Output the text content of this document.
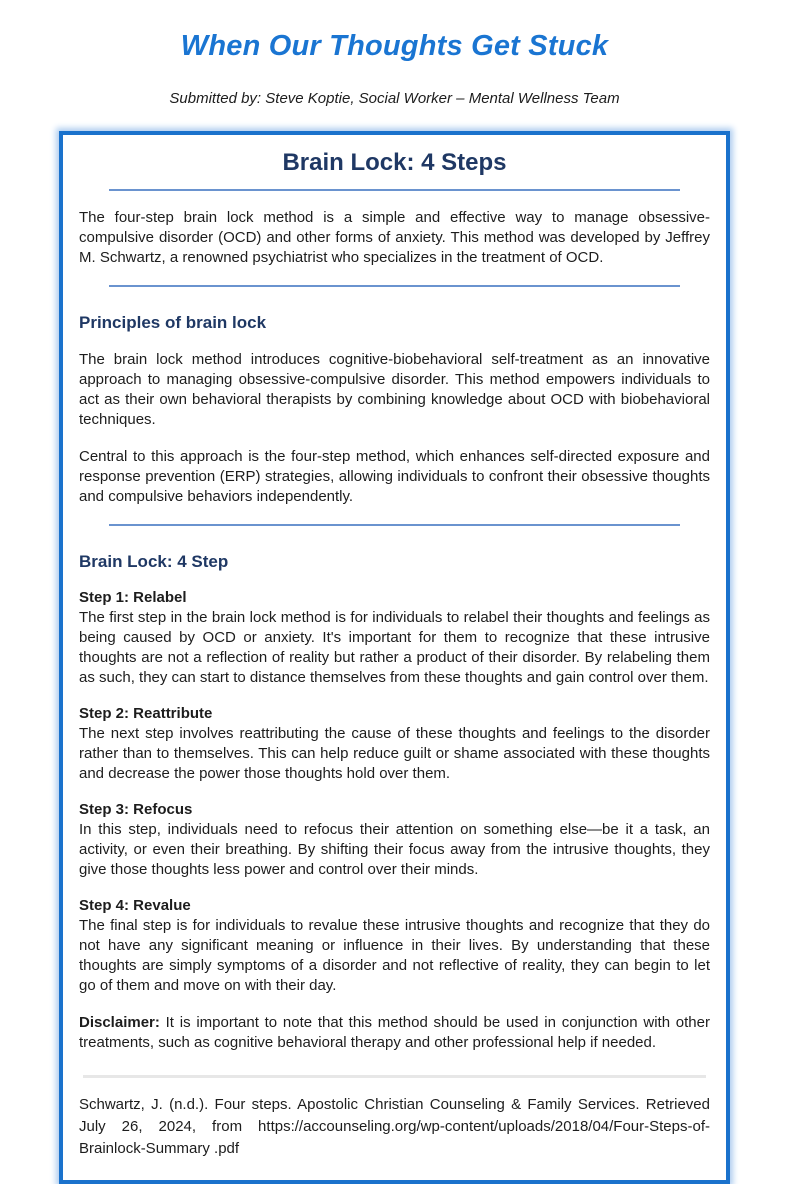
When Our Thoughts Get Stuck

Submitted by: Steve Koptie, Social Worker – Mental Wellness Team

Brain Lock: 4 Steps

The four-step brain lock method is a simple and effective way to manage obsessive-compulsive disorder (OCD) and other forms of anxiety. This method was developed by Jeffrey M. Schwartz, a renowned psychiatrist who specializes in the treatment of OCD.

Principles of brain lock

The brain lock method introduces cognitive-biobehavioral self-treatment as an innovative approach to managing obsessive-compulsive disorder. This method empowers individuals to act as their own behavioral therapists by combining knowledge about OCD with biobehavioral techniques.

Central to this approach is the four-step method, which enhances self-directed exposure and response prevention (ERP) strategies, allowing individuals to confront their obsessive thoughts and compulsive behaviors independently.

Brain Lock: 4 Step

Step 1: Relabel

The first step in the brain lock method is for individuals to relabel their thoughts and feelings as being caused by OCD or anxiety. It's important for them to recognize that these intrusive thoughts are not a reflection of reality but rather a product of their disorder. By relabeling them as such, they can start to distance themselves from these thoughts and gain control over them.

Step 2: Reattribute

The next step involves reattributing the cause of these thoughts and feelings to the disorder rather than to themselves. This can help reduce guilt or shame associated with these thoughts and decrease the power those thoughts hold over them.

Step 3: Refocus

In this step, individuals need to refocus their attention on something else—be it a task, an activity, or even their breathing. By shifting their focus away from the intrusive thoughts, they give those thoughts less power and control over their minds.

Step 4: Revalue

The final step is for individuals to revalue these intrusive thoughts and recognize that they do not have any significant meaning or influence in their lives. By understanding that these thoughts are simply symptoms of a disorder and not reflective of reality, they can begin to let go of them and move on with their day.

Disclaimer: It is important to note that this method should be used in conjunction with other treatments, such as cognitive behavioral therapy and other professional help if needed.

Schwartz, J. (n.d.). Four steps. Apostolic Christian Counseling & Family Services. Retrieved July 26, 2024, from https://accounseling.org/wp-content/uploads/2018/04/Four-Steps-of-Brainlock-Summary .pdf
